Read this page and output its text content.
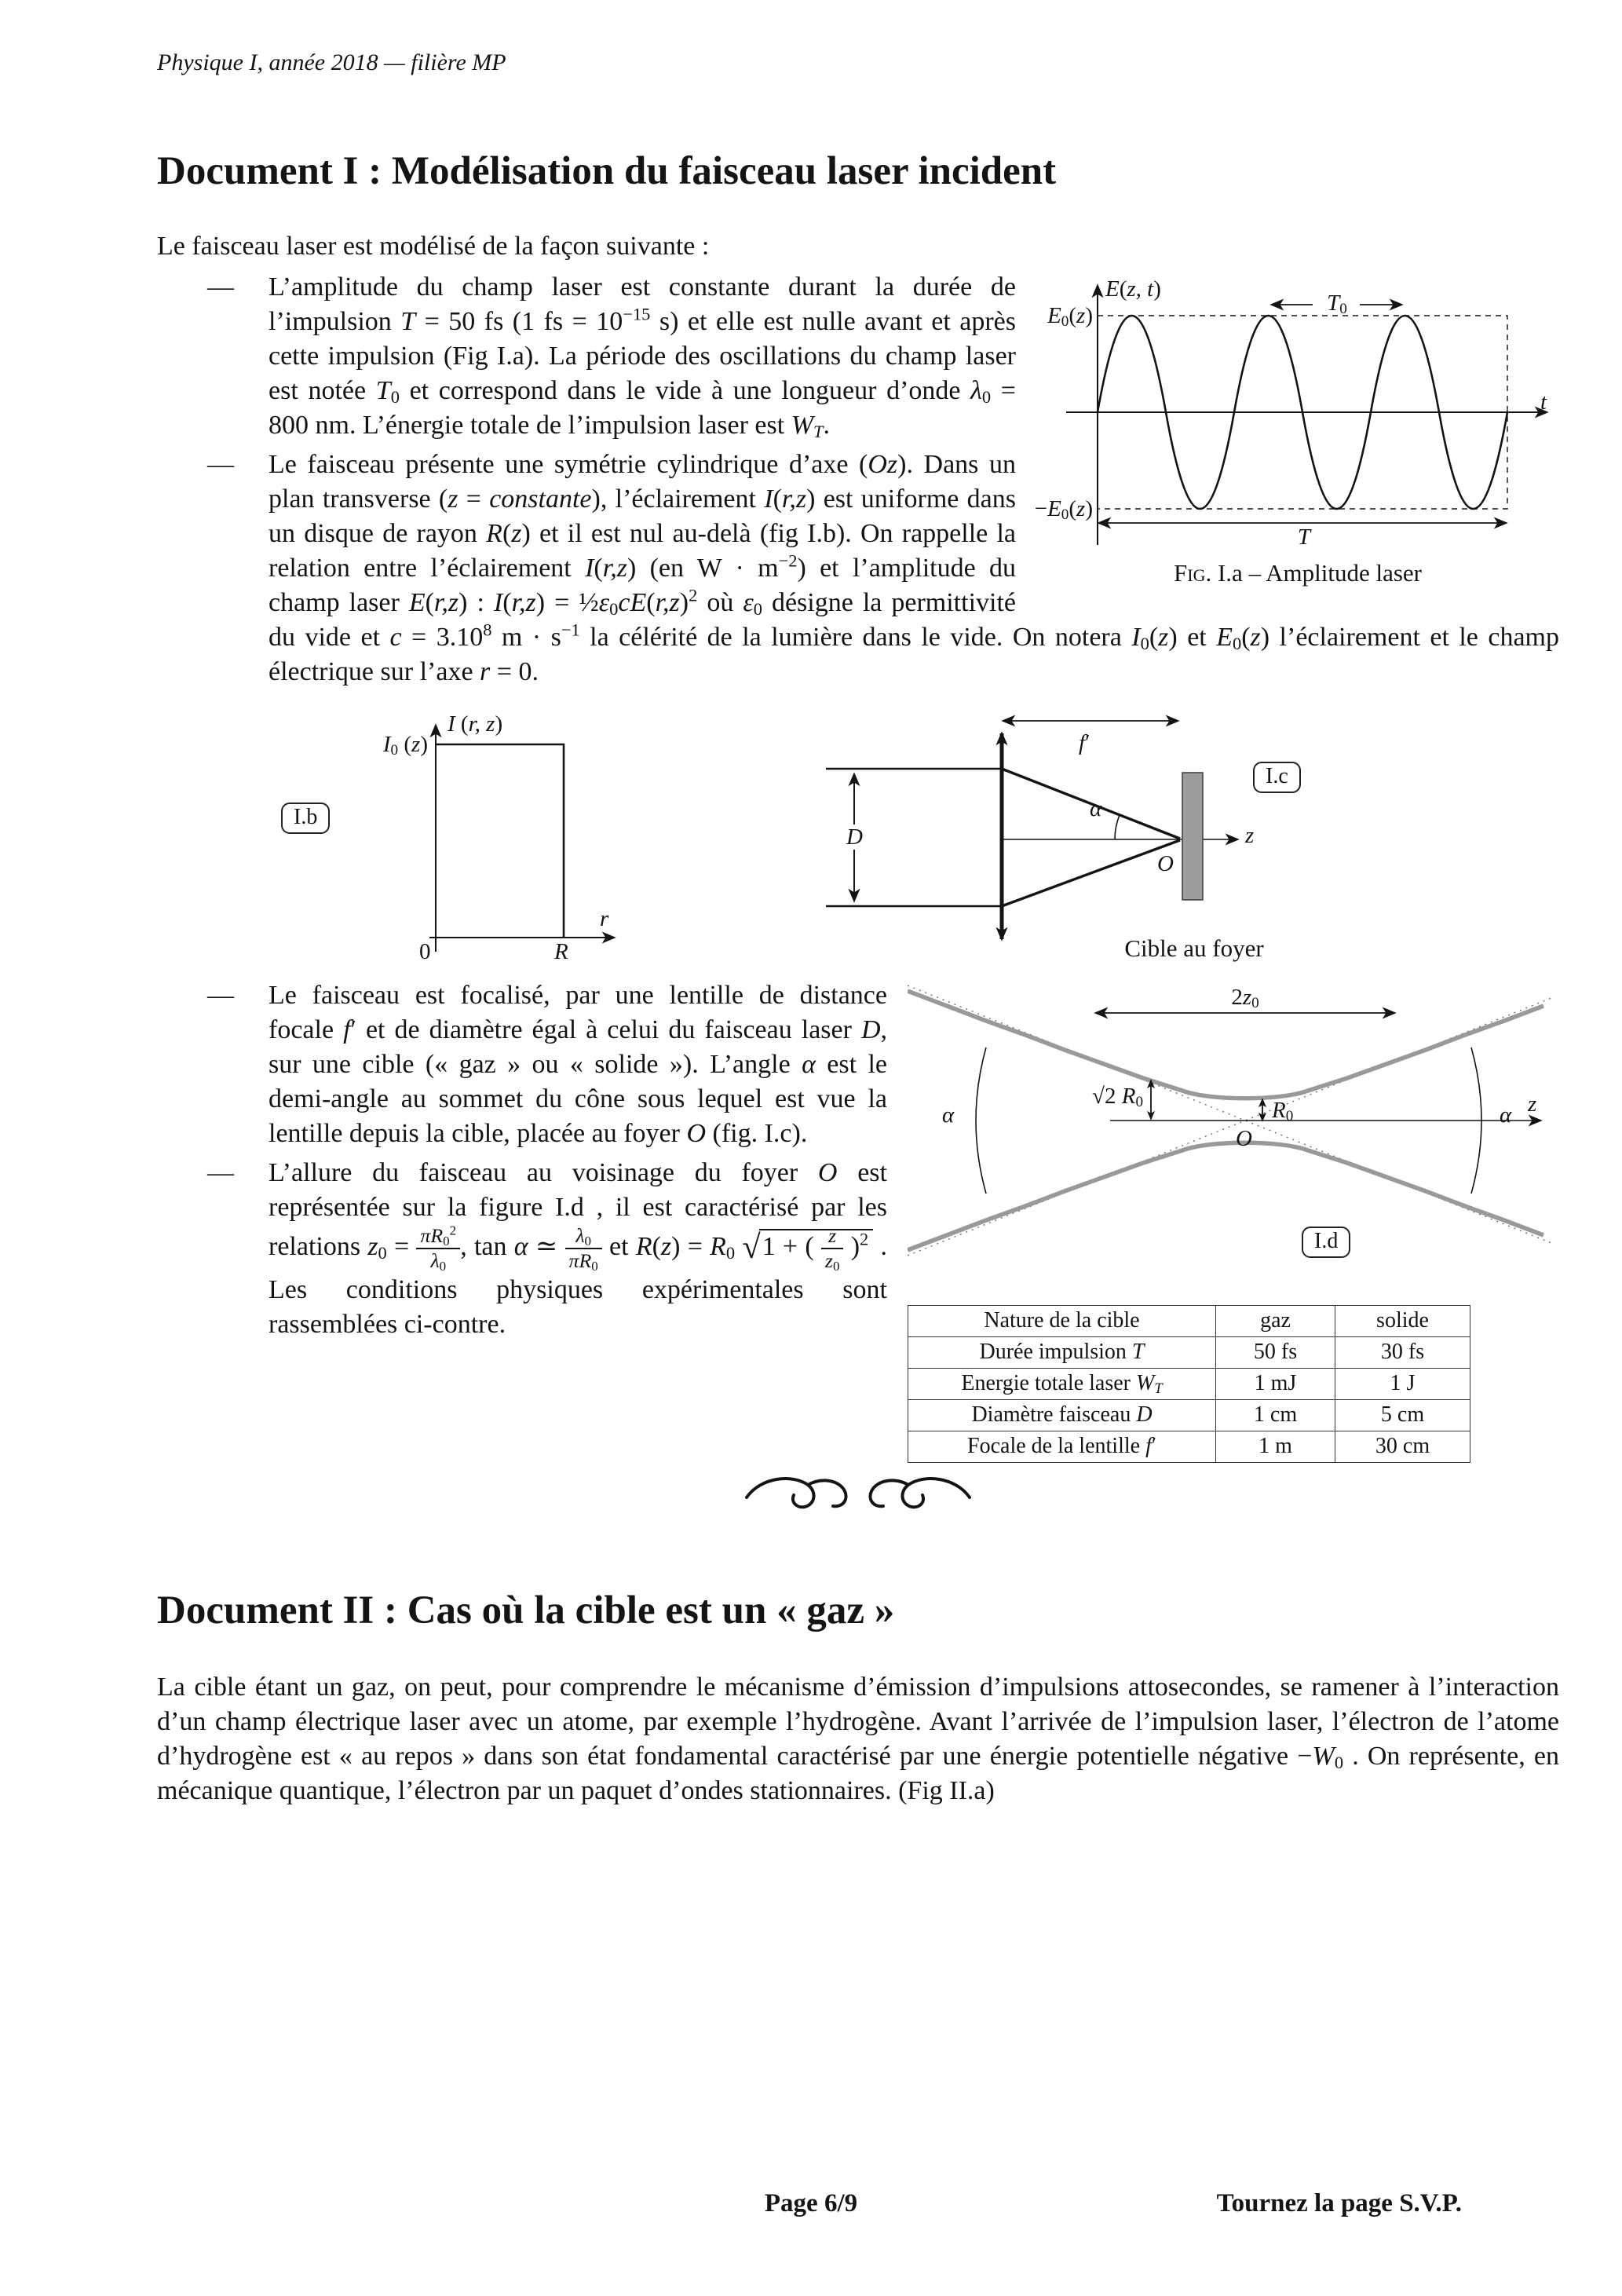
Physique I, année 2018 — filière MP
Document I : Modélisation du faisceau laser incident

Le faisceau laser est modélisé de la façon suivante :

E(z, t)
$E_0(z)$
$-E_0(z)$
t
$T_0$
T
Fig. I.a – Amplitude laser
— L’amplitude du champ laser est constante durant la durée de l’impulsion T = 50 fs (1 fs = $10^{-15}$ s) et elle est nulle avant et après cette impulsion (Fig I.a). La période des oscillations du champ laser est notée $T_0$ et correspond dans le vide à une longueur d’onde $\lambda_0 = 800$ nm. L’énergie totale de l’impulsion laser est $W_T$.
— Le faisceau présente une symétrie cylindrique d’axe (Oz). Dans un plan transverse (z = constante), l’éclairement I(r,z) est uniforme dans un disque de rayon R(z) et il est nul au-delà (fig I.b). On rappelle la relation entre l’éclairement I(r,z) (en $W \cdot m^{-2}$) et l’amplitude du champ laser E(r,z) : $I(r,z) = \frac{1}{2}\varepsilon_0cE(r,z)^2$ où $\varepsilon_0$ désigne la permittivité du vide et $c = 3.10^8$ $m \cdot s^{-1}$ la célérité de la lumière dans le vide. On notera $I_0(z)$ et $E_0(z)$ l’éclairement et le champ électrique sur l’axe r = 0.
I (r, z)
$I_0$ (z)
I.b
0	R
r
D
f′
α
O
z
I.c
Cible au foyer
$2z_0$
√2 $R_0$	$R_0$
O
z
α	α
I.d
Nature de la cible	gaz	solide
Durée impulsion T	50 fs	30 fs
Energie totale laser $W_T$	1 mJ	1 J
Diamètre faisceau D	1 cm	5 cm
Focale de la lentille f′	1 m	30 cm
— Le faisceau est focalisé, par une lentille de distance focale f′ et de diamètre égal à celui du faisceau laser D, sur une cible (« gaz » ou « solide »). L’angle α est le demi-angle au sommet du cône sous lequel est vue la lentille depuis la cible, placée au foyer O (fig. I.c).
— L’allure du faisceau au voisinage du foyer O est représentée sur la figure I.d , il est caractérisé par les relations $z_0 = \frac{\pi R_0^2}{\lambda_0}$ , tan α ≃ $\frac{\lambda_0}{\pi R_0}$ et $R(z) = R_0$ √1 + ( $\frac{z}{z_0} )^2$ . Les conditions physiques expérimentales sont rassemblées ci-contre.
Document II : Cas où la cible est un « gaz »

La cible étant un gaz, on peut, pour comprendre le mécanisme d’émission d’impulsions attosecondes, se ramener à l’interaction d’un champ électrique laser avec un atome, par exemple l’hydrogène. Avant l’arrivée de l’impulsion laser, l’électron de l’atome d’hydrogène est « au repos » dans son état fondamental caractérisé par une énergie potentielle négative $-W_0$ . On représente, en mécanique quantique, l’électron par un paquet d’ondes stationnaires. (Fig II.a)

Page 6/9	Tournez la page S.V.P.
